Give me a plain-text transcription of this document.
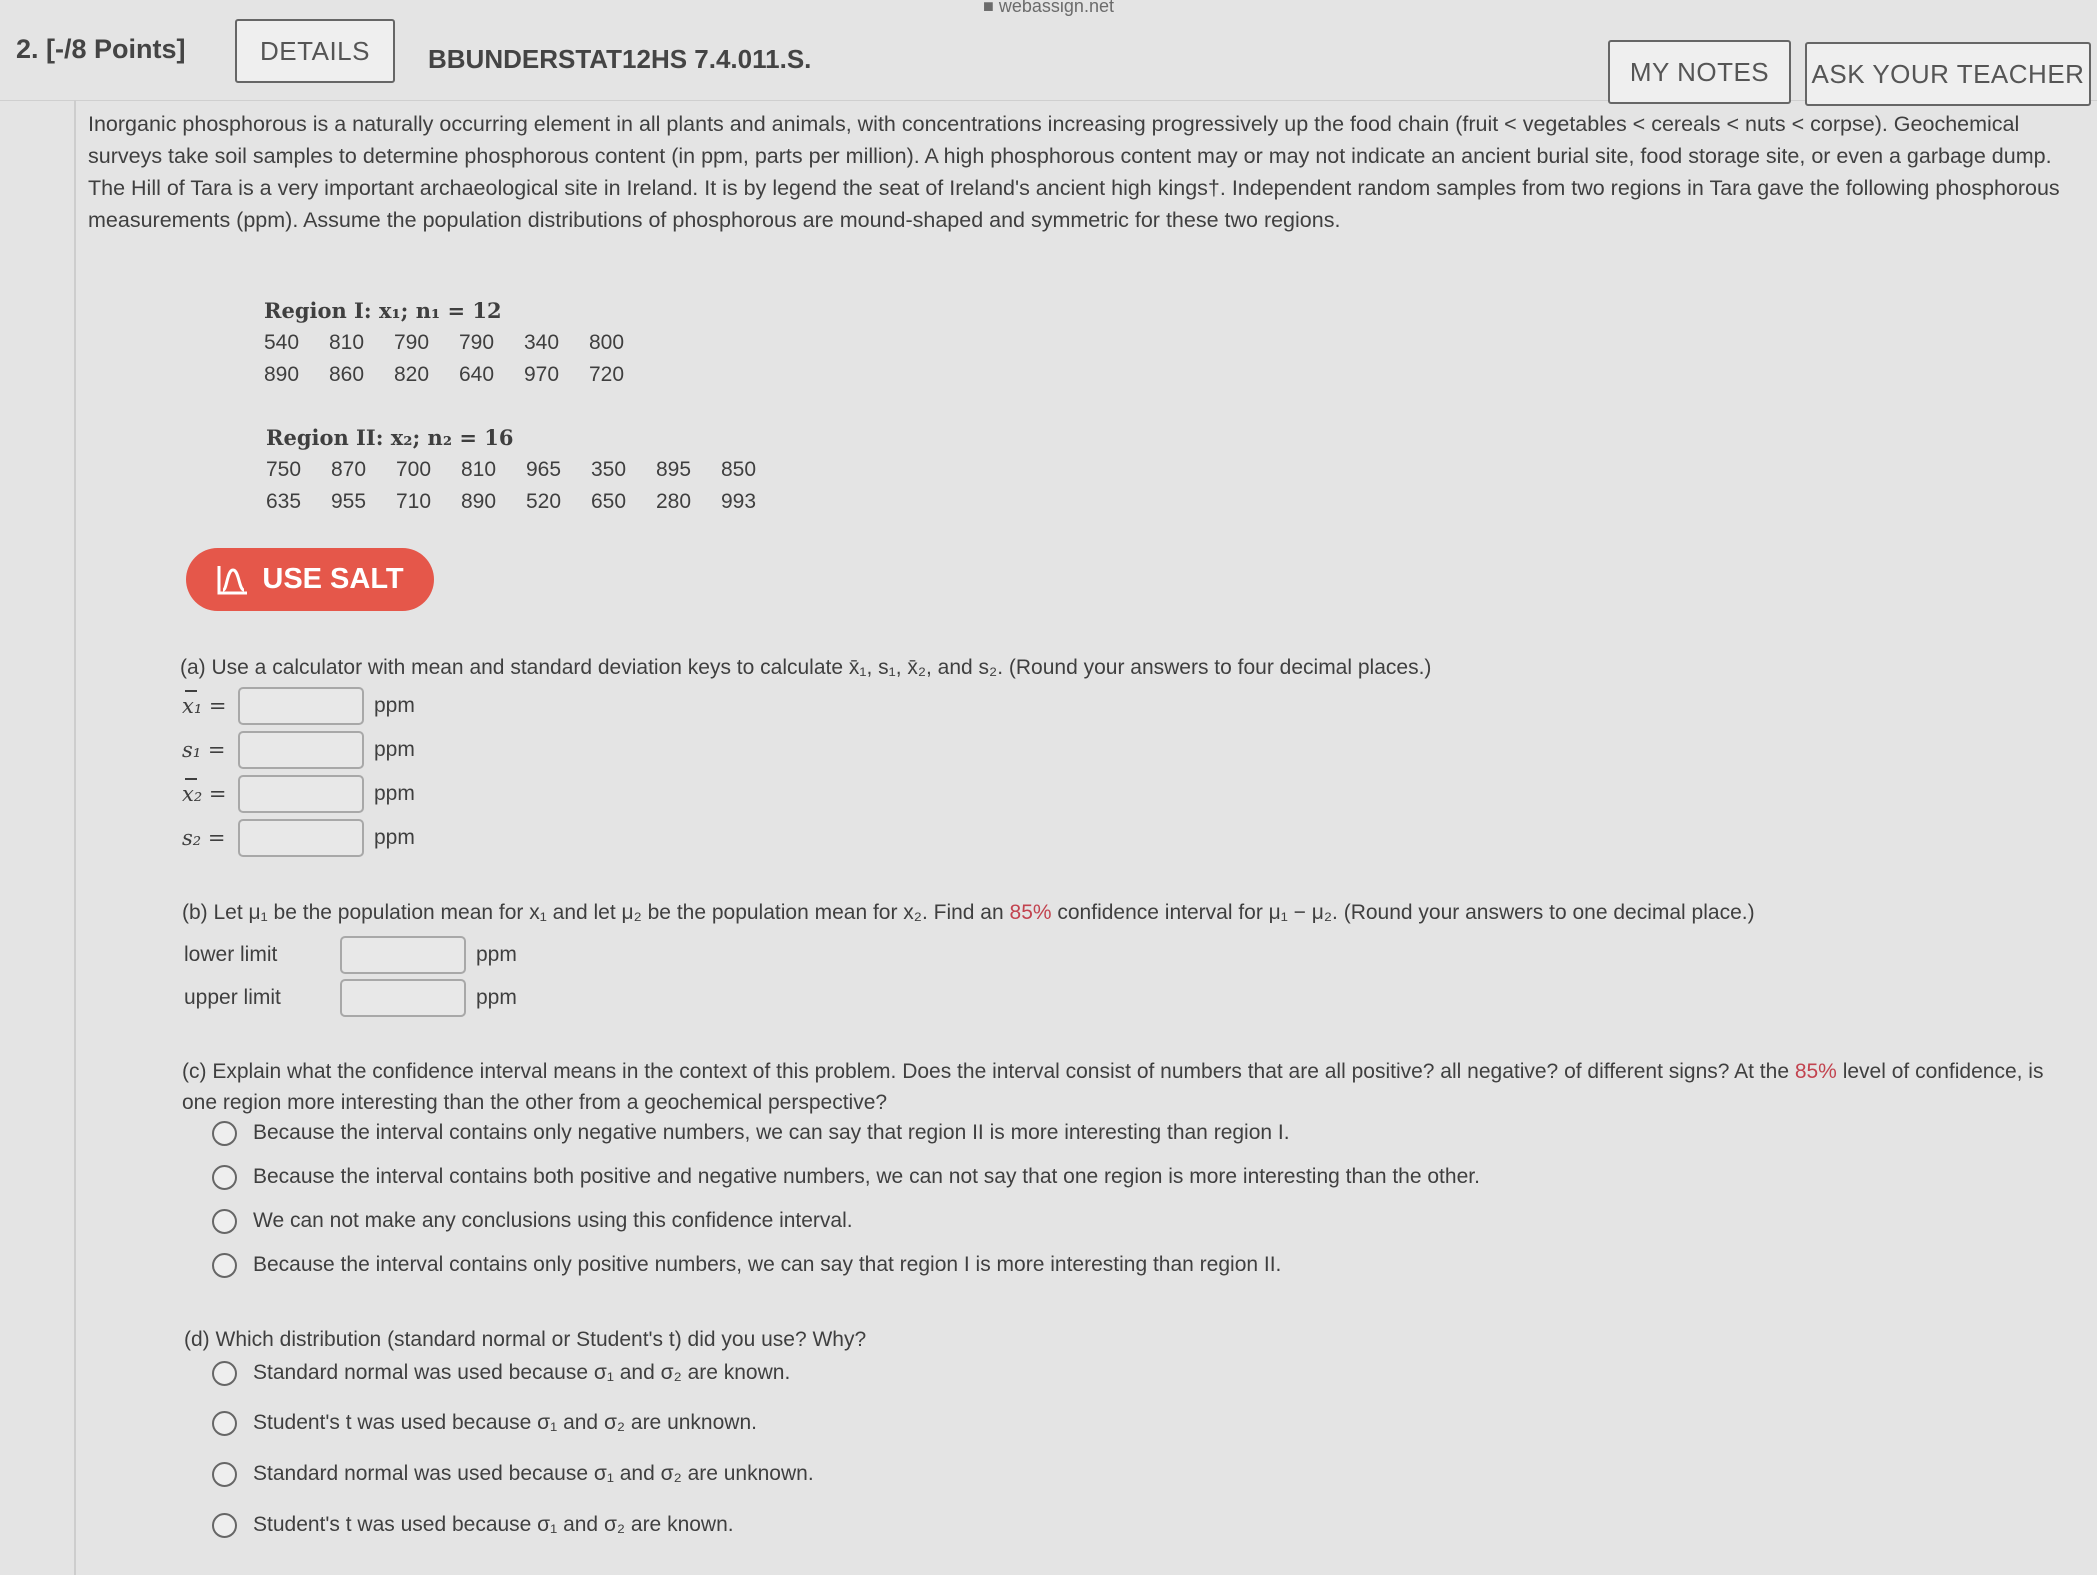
■ webassign.net
2. [-/8 Points]	DETAILS	BBUNDERSTAT12HS 7.4.011.S.	MY NOTES	ASK YOUR TEACHER
Inorganic phosphorous is a naturally occurring element in all plants and animals, with concentrations increasing progressively up the food chain (fruit < vegetables < cereals < nuts < corpse). Geochemical surveys take soil samples to determine phosphorous content (in ppm, parts per million). A high phosphorous content may or may not indicate an ancient burial site, food storage site, or even a garbage dump. The Hill of Tara is a very important archaeological site in Ireland. It is by legend the seat of Ireland's ancient high kings†. Independent random samples from two regions in Tara gave the following phosphorous measurements (ppm). Assume the population distributions of phosphorous are mound-shaped and symmetric for these two regions.
Region I: x₁; n₁ = 12
540	810	790	790	340	800
890	860	820	640	970	720
Region II: x₂; n₂ = 16
750	870	700	810	965	350	895	850
635	955	710	890	520	650	280	993
USE SALT
(a) Use a calculator with mean and standard deviation keys to calculate x̄₁, s₁, x̄₂, and s₂. (Round your answers to four decimal places.)
x₁ =	ppm
s₁ =	ppm
x₂ =	ppm
s₂ =	ppm
(b) Let μ₁ be the population mean for x₁ and let μ₂ be the population mean for x₂. Find an 85% confidence interval for μ₁ − μ₂. (Round your answers to one decimal place.)
lower limit	ppm
upper limit	ppm
(c) Explain what the confidence interval means in the context of this problem. Does the interval consist of numbers that are all positive? all negative? of different signs? At the 85% level of confidence, is one region more interesting than the other from a geochemical perspective?
Because the interval contains only negative numbers, we can say that region II is more interesting than region I.
Because the interval contains both positive and negative numbers, we can not say that one region is more interesting than the other.
We can not make any conclusions using this confidence interval.
Because the interval contains only positive numbers, we can say that region I is more interesting than region II.
(d) Which distribution (standard normal or Student's t) did you use? Why?
Standard normal was used because σ₁ and σ₂ are known.
Student's t was used because σ₁ and σ₂ are unknown.
Standard normal was used because σ₁ and σ₂ are unknown.
Student's t was used because σ₁ and σ₂ are known.
